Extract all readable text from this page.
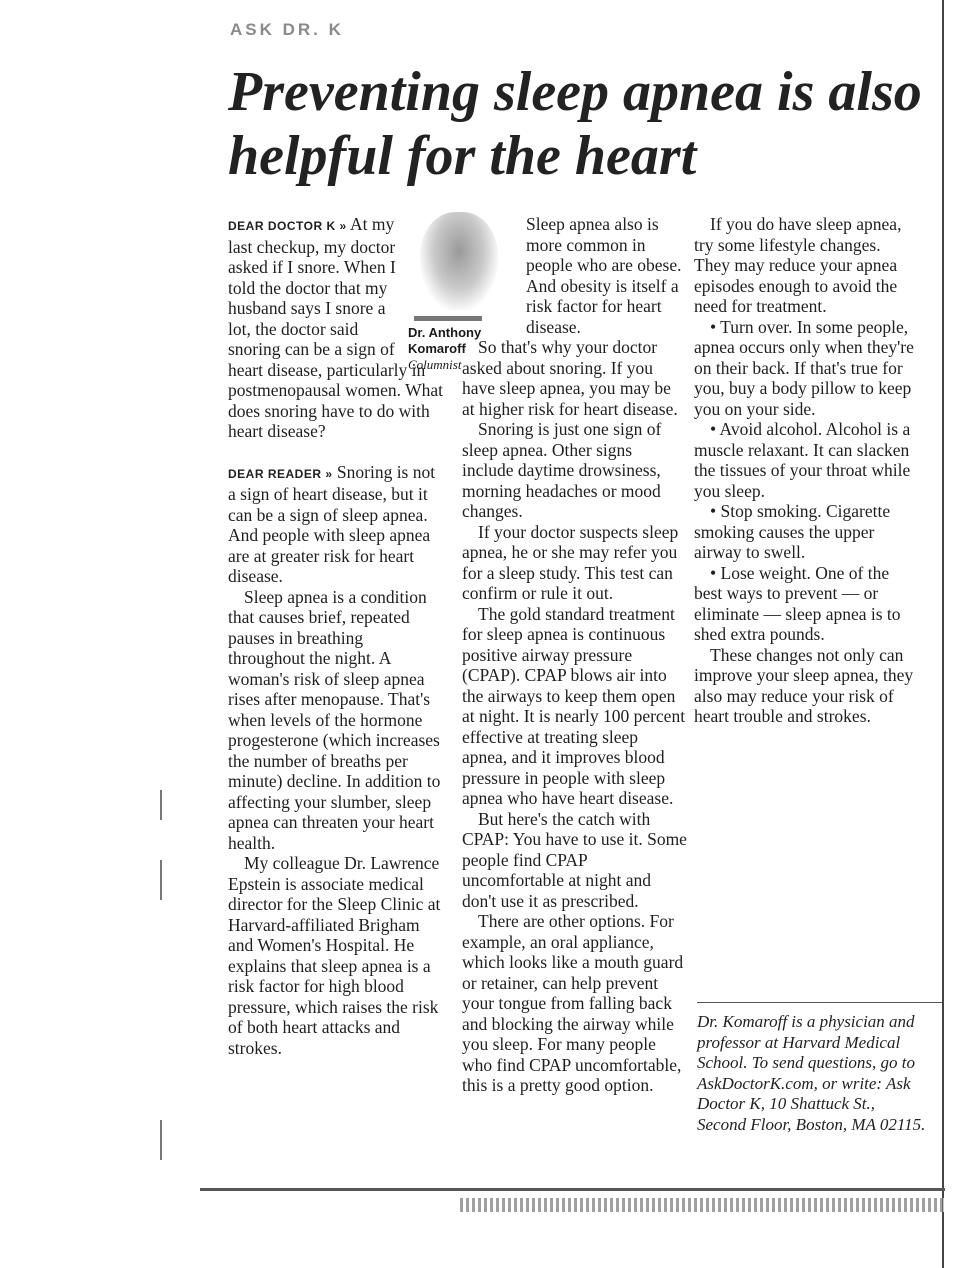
ASK DR. K
Preventing sleep apnea is also helpful for the heart

DEAR DOCTOR K » At my last checkup, my doctor asked if I snore. When I told the doctor that my husband says I snore a lot, the doctor said snoring can be a sign of

heart disease, particularly in postmenopausal women. What does snoring have to do with heart disease?

DEAR READER » Snoring is not a sign of heart disease, but it can be a sign of sleep apnea. And people with sleep apnea are at greater risk for heart disease.

Sleep apnea is a condition that causes brief, repeated pauses in breathing throughout the night. A woman's risk of sleep apnea rises after menopause. That's when levels of the hormone progesterone (which increases the number of breaths per minute) decline. In addition to affecting your slumber, sleep apnea can threaten your heart health.

My colleague Dr. Lawrence Epstein is associate medical director for the Sleep Clinic at Harvard-affiliated Brigham and Women's Hospital. He explains that sleep apnea is a risk factor for high blood pressure, which raises the risk of both heart attacks and strokes.

Dr. Anthony Komaroff
Columnist

Sleep apnea also is more common in people who are obese. And obesity is itself a risk factor for heart disease.

So that's why your doctor asked about snoring. If you have sleep apnea, you may be at higher risk for heart disease.

Snoring is just one sign of sleep apnea. Other signs include daytime drowsiness, morning headaches or mood changes.

If your doctor suspects sleep apnea, he or she may refer you for a sleep study. This test can confirm or rule it out.

The gold standard treatment for sleep apnea is continuous positive airway pressure (CPAP). CPAP blows air into the airways to keep them open at night. It is nearly 100 percent effective at treating sleep apnea, and it improves blood pressure in people with sleep apnea who have heart disease.

But here's the catch with CPAP: You have to use it. Some people find CPAP uncomfortable at night and don't use it as prescribed.

There are other options. For example, an oral appliance, which looks like a mouth guard or retainer, can help prevent your tongue from falling back and blocking the airway while you sleep. For many people who find CPAP uncomfortable, this is a pretty good option.

If you do have sleep apnea, try some lifestyle changes. They may reduce your apnea episodes enough to avoid the need for treatment.

• Turn over. In some people, apnea occurs only when they're on their back. If that's true for you, buy a body pillow to keep you on your side.

• Avoid alcohol. Alcohol is a muscle relaxant. It can slacken the tissues of your throat while you sleep.

• Stop smoking. Cigarette smoking causes the upper airway to swell.

• Lose weight. One of the best ways to prevent — or eliminate — sleep apnea is to shed extra pounds.

These changes not only can improve your sleep apnea, they also may reduce your risk of heart trouble and strokes.

Dr. Komaroff is a physician and professor at Harvard Medical School. To send questions, go to AskDoctorK.com, or write: Ask Doctor K, 10 Shattuck St., Second Floor, Boston, MA 02115.
